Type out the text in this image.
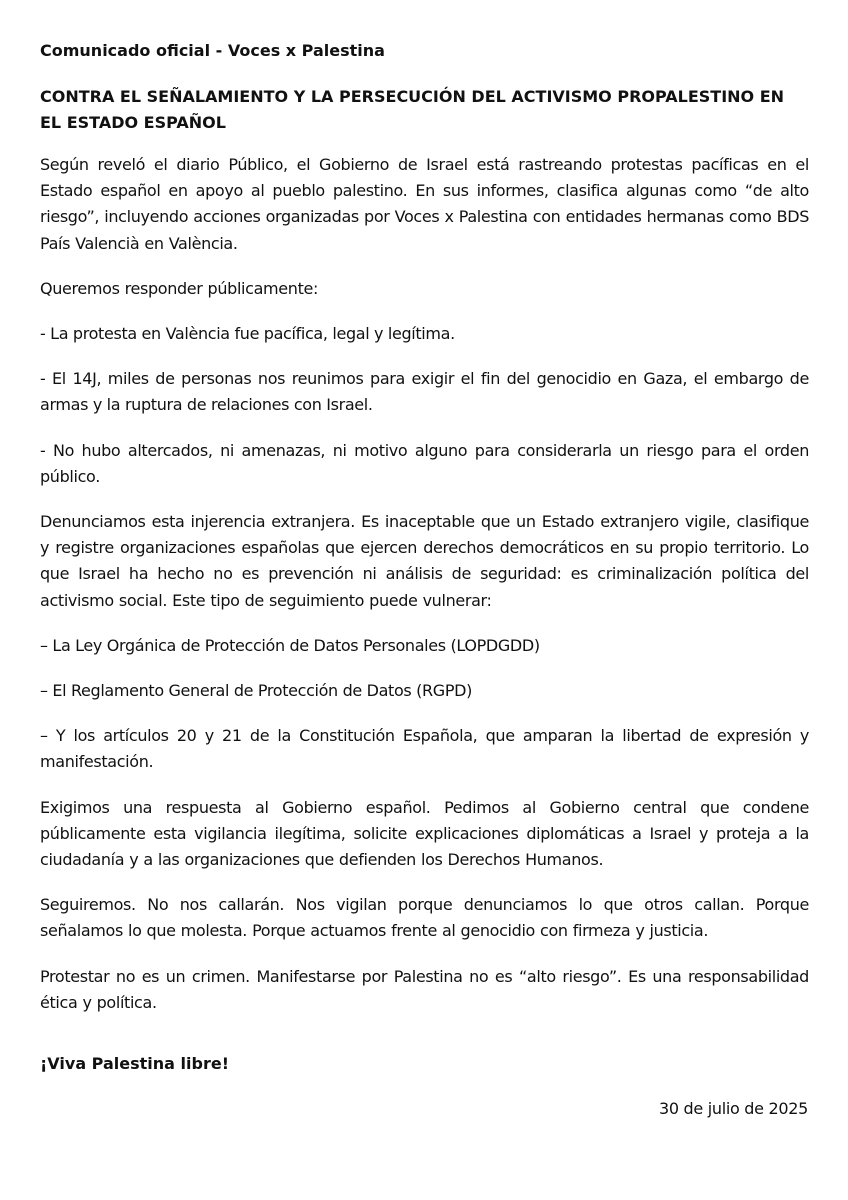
Comunicado oficial - Voces x Palestina

CONTRA EL SEÑALAMIENTO Y LA PERSECUCIÓN DEL ACTIVISMO PROPALESTINO EN EL ESTADO ESPAÑOL

Según reveló el diario Público, el Gobierno de Israel está rastreando protestas pacíficas en el Estado español en apoyo al pueblo palestino. En sus informes, clasifica algunas como “de alto riesgo”, incluyendo acciones organizadas por Voces x Palestina con entidades hermanas como BDS País Valencià en València.

Queremos responder públicamente:

- La protesta en València fue pacífica, legal y legítima.

- El 14J, miles de personas nos reunimos para exigir el fin del genocidio en Gaza, el embargo de armas y la ruptura de relaciones con Israel.

- No hubo altercados, ni amenazas, ni motivo alguno para considerarla un riesgo para el orden público.

Denunciamos esta injerencia extranjera. Es inaceptable que un Estado extranjero vigile, clasifique y registre organizaciones españolas que ejercen derechos democráticos en su propio territorio. Lo que Israel ha hecho no es prevención ni análisis de seguridad: es criminalización política del activismo social. Este tipo de seguimiento puede vulnerar:

– La Ley Orgánica de Protección de Datos Personales (LOPDGDD)

– El Reglamento General de Protección de Datos (RGPD)

– Y los artículos 20 y 21 de la Constitución Española, que amparan la libertad de expresión y manifestación.

Exigimos una respuesta al Gobierno español. Pedimos al Gobierno central que condene públicamente esta vigilancia ilegítima, solicite explicaciones diplomáticas a Israel y proteja a la ciudadanía y a las organizaciones que defienden los Derechos Humanos.

Seguiremos. No nos callarán. Nos vigilan porque denunciamos lo que otros callan. Porque señalamos lo que molesta. Porque actuamos frente al genocidio con firmeza y justicia.

Protestar no es un crimen. Manifestarse por Palestina no es “alto riesgo”. Es una responsabilidad ética y política.

¡Viva Palestina libre!

30 de julio de 2025
